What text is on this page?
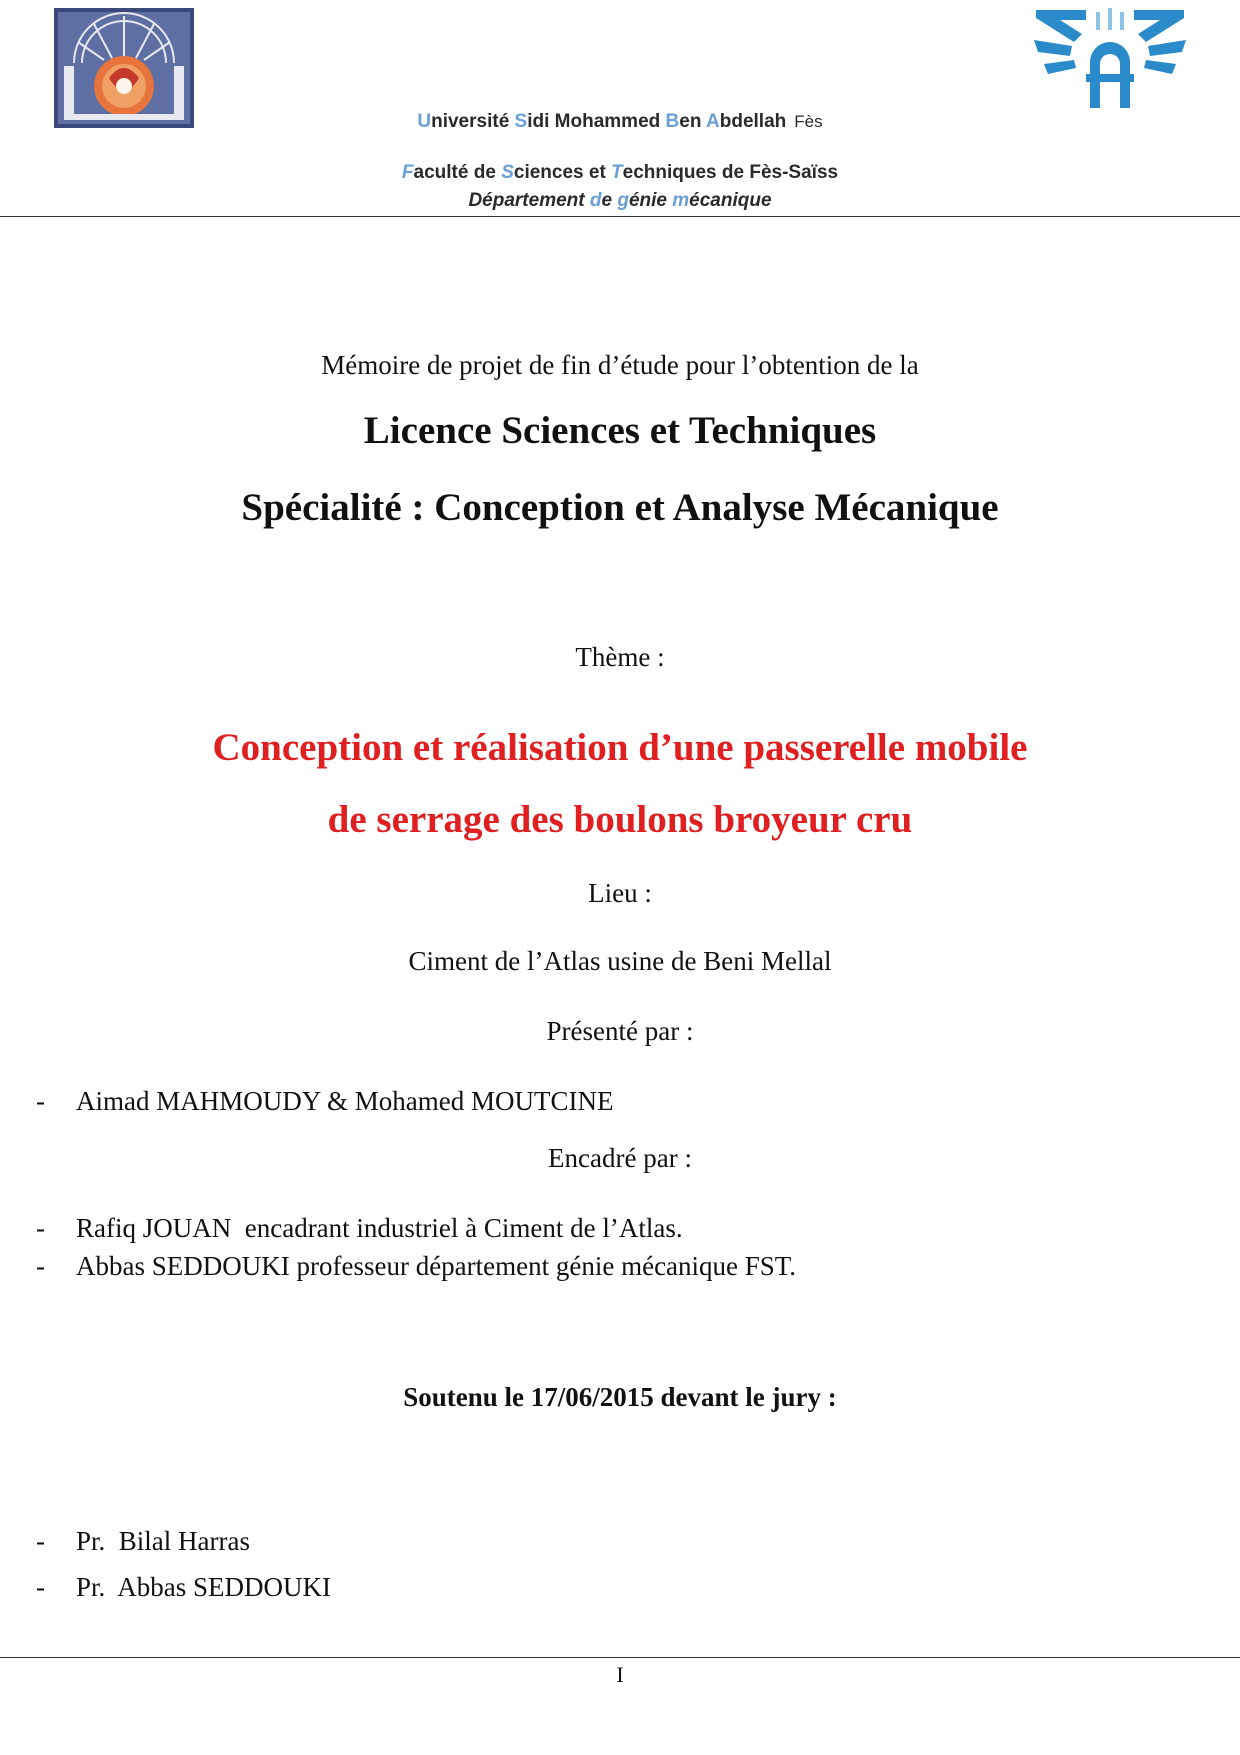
Université Sidi Mohammed Ben Abdellah Fès
Faculté de Sciences et Techniques de Fès-Saïss
Département de génie mécanique
Mémoire de projet de fin d’étude pour l’obtention de la
Licence Sciences et Techniques
Spécialité : Conception et Analyse Mécanique
Thème :
Conception et réalisation d’une passerelle mobile
de serrage des boulons broyeur cru
Lieu :
Ciment de l’Atlas usine de Beni Mellal
Présenté par :
- Aimad MAHMOUDY & Mohamed MOUTCINE
Encadré par :
- Rafiq JOUAN  encadrant industriel à Ciment de l’Atlas.
- Abbas SEDDOUKI professeur département génie mécanique FST.
Soutenu le 17/06/2015 devant le jury :
- Pr.  Bilal Harras
- Pr.  Abbas SEDDOUKI
I
